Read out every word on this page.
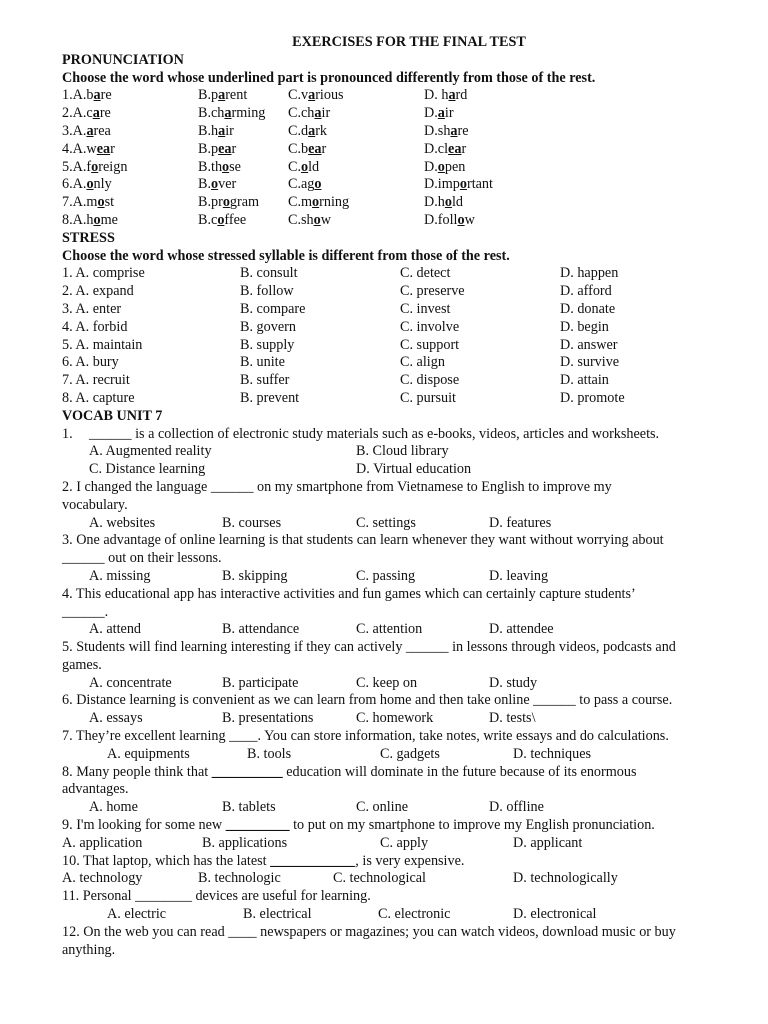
EXERCISES FOR THE FINAL TEST
PRONUNCIATION
Choose the word whose underlined part is pronounced differently from those of the rest.
1.A.bare	B.parent	C.various	D. hard
2.A.care	B.charming C.chair	D.air
3.A.area	B.hair	C.dark	D.share
4.A.wear	B.pear	C.bear	D.clear
5.A.foreign	B.those	C.old	D.open
6.A.only	B.over	C.ago	D.important
7.A.most	B.program C.morning	D.hold
8.A.home	B.coffee	C.show	D.follow
STRESS
Choose the word whose stressed syllable is different from those of the rest.
1. A. comprise	B. consult	C. detect	D. happen
2. A. expand	B. follow	C. preserve	D. afford
3. A. enter	B. compare	C. invest	D. donate
4. A. forbid	B. govern	C. involve	D. begin
5. A. maintain	B. supply	C. support	D. answer
6. A. bury	B. unite	C. align	D. survive
7. A. recruit	B. suffer	C. dispose	D. attain
8. A. capture	B. prevent	C. pursuit	D. promote
VOCAB UNIT 7
1. ______ is a collection of electronic study materials such as e-books, videos, articles and worksheets.
A. Augmented reality	B. Cloud library
C. Distance learning	D. Virtual education
2. I changed the language ______ on my smartphone from Vietnamese to English to improve my
vocabulary.
A. websites	B. courses	C. settings	D. features
3. One advantage of online learning is that students can learn whenever they want without worrying about
______ out on their lessons.
A. missing	B. skipping	C. passing	D. leaving
4. This educational app has interactive activities and fun games which can certainly capture students’
______.
A. attend	B. attendance	C. attention	D. attendee
5. Students will find learning interesting if they can actively ______ in lessons through videos, podcasts and
games.
A. concentrate	B. participate	C. keep on	D. study
6. Distance learning is convenient as we can learn from home and then take online ______ to pass a course.
A. essays	B. presentations	C. homework	D. tests\
7. They’re excellent learning ____. You can store information, take notes, write essays and do calculations.
A. equipments	B. tools	C. gadgets	D. techniques
8. Many people think that __________ education will dominate in the future because of its enormous
advantages.
A. home	B. tablets	C. online	D. offline
9. I'm looking for some new _________ to put on my smartphone to improve my English pronunciation.
A. application	B. applications	C. apply	D. applicant
10. That laptop, which has the latest ____________, is very expensive.
A. technology	B. technologic	C. technological	D. technologically
11. Personal ________ devices are useful for learning.
A. electric	B. electrical	C. electronic	D. electronical
12. On the web you can read ____ newspapers or magazines; you can watch videos, download music or buy
anything.
